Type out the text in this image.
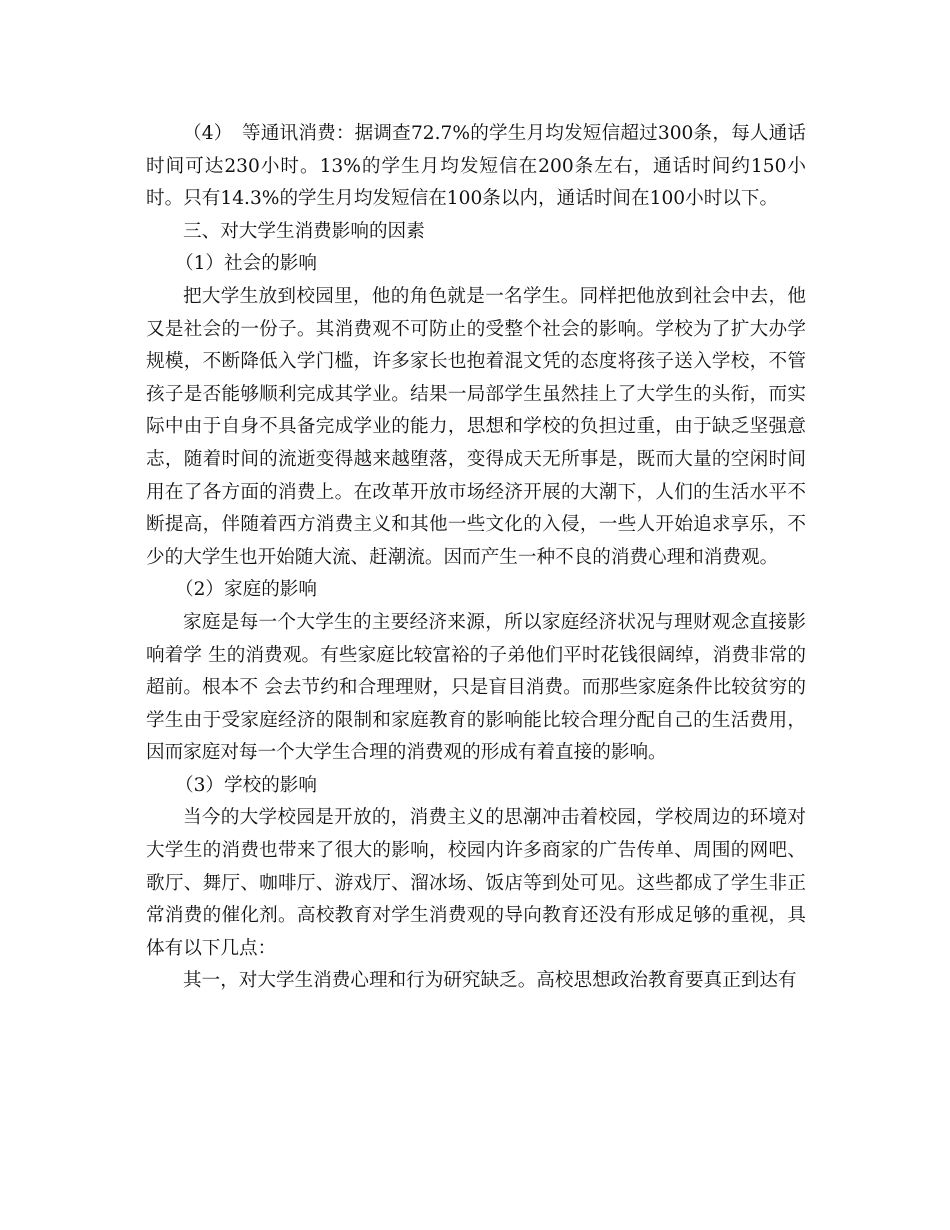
（4）　等通讯消费：据调查72.7%的学生月均发短信超过300条，每人通话时间可达230小时。13%的学生月均发短信在200条左右，通话时间约150小时。只有14.3%的学生月均发短信在100条以内，通话时间在100小时以下。

三、对大学生消费影响的因素

（1）社会的影响

把大学生放到校园里，他的角色就是一名学生。同样把他放到社会中去，他又是社会的一份子。其消费观不可防止的受整个社会的影响。学校为了扩大办学规模，不断降低入学门槛，许多家长也抱着混文凭的态度将孩子送入学校，不管孩子是否能够顺利完成其学业。结果一局部学生虽然挂上了大学生的头衔，而实际中由于自身不具备完成学业的能力，思想和学校的负担过重，由于缺乏坚强意志，随着时间的流逝变得越来越堕落，变得成天无所事是，既而大量的空闲时间用在了各方面的消费上。在改革开放市场经济开展的大潮下，人们的生活水平不断提高，伴随着西方消费主义和其他一些文化的入侵，一些人开始追求享乐，不少的大学生也开始随大流、赶潮流。因而产生一种不良的消费心理和消费观。

（2）家庭的影响

家庭是每一个大学生的主要经济来源，所以家庭经济状况与理财观念直接影响着学 生的消费观。有些家庭比较富裕的子弟他们平时花钱很阔绰，消费非常的超前。根本不 会去节约和合理理财，只是盲目消费。而那些家庭条件比较贫穷的学生由于受家庭经济的限制和家庭教育的影响能比较合理分配自己的生活费用，因而家庭对每一个大学生合理的消费观的形成有着直接的影响。

（3）学校的影响

当今的大学校园是开放的，消费主义的思潮冲击着校园，学校周边的环境对大学生的消费也带来了很大的影响，校园内许多商家的广告传单、周围的网吧、歌厅、舞厅、咖啡厅、游戏厅、溜冰场、饭店等到处可见。这些都成了学生非正常消费的催化剂。高校教育对学生消费观的导向教育还没有形成足够的重视，具体有以下几点：

其一，对大学生消费心理和行为研究缺乏。高校思想政治教育要真正到达有
